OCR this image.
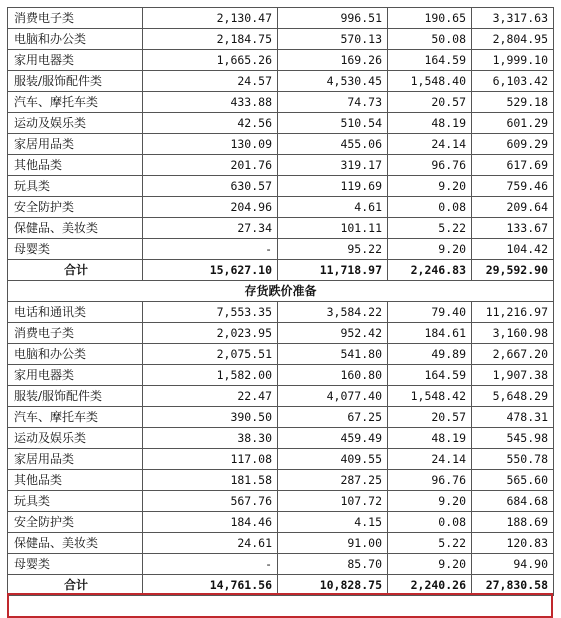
消费电子类	2,130.47	996.51	190.65	3,317.63
电脑和办公类	2,184.75	570.13	50.08	2,804.95
家用电器类	1,665.26	169.26	164.59	1,999.10
服装/服饰配件类	24.57	4,530.45	1,548.40	6,103.42
汽车、摩托车类	433.88	74.73	20.57	529.18
运动及娱乐类	42.56	510.54	48.19	601.29
家居用品类	130.09	455.06	24.14	609.29
其他品类	201.76	319.17	96.76	617.69
玩具类	630.57	119.69	9.20	759.46
安全防护类	204.96	4.61	0.08	209.64
保健品、美妆类	27.34	101.11	5.22	133.67
母婴类	-	95.22	9.20	104.42
合计	15,627.10	11,718.97	2,246.83	29,592.90
存货跌价准备				
电话和通讯类	7,553.35	3,584.22	79.40	11,216.97
消费电子类	2,023.95	952.42	184.61	3,160.98
电脑和办公类	2,075.51	541.80	49.89	2,667.20
家用电器类	1,582.00	160.80	164.59	1,907.38
服装/服饰配件类	22.47	4,077.40	1,548.42	5,648.29
汽车、摩托车类	390.50	67.25	20.57	478.31
运动及娱乐类	38.30	459.49	48.19	545.98
家居用品类	117.08	409.55	24.14	550.78
其他品类	181.58	287.25	96.76	565.60
玩具类	567.76	107.72	9.20	684.68
安全防护类	184.46	4.15	0.08	188.69
保健品、美妆类	24.61	91.00	5.22	120.83
母婴类	-	85.70	9.20	94.90
合计	14,761.56	10,828.75	2,240.26	27,830.58
